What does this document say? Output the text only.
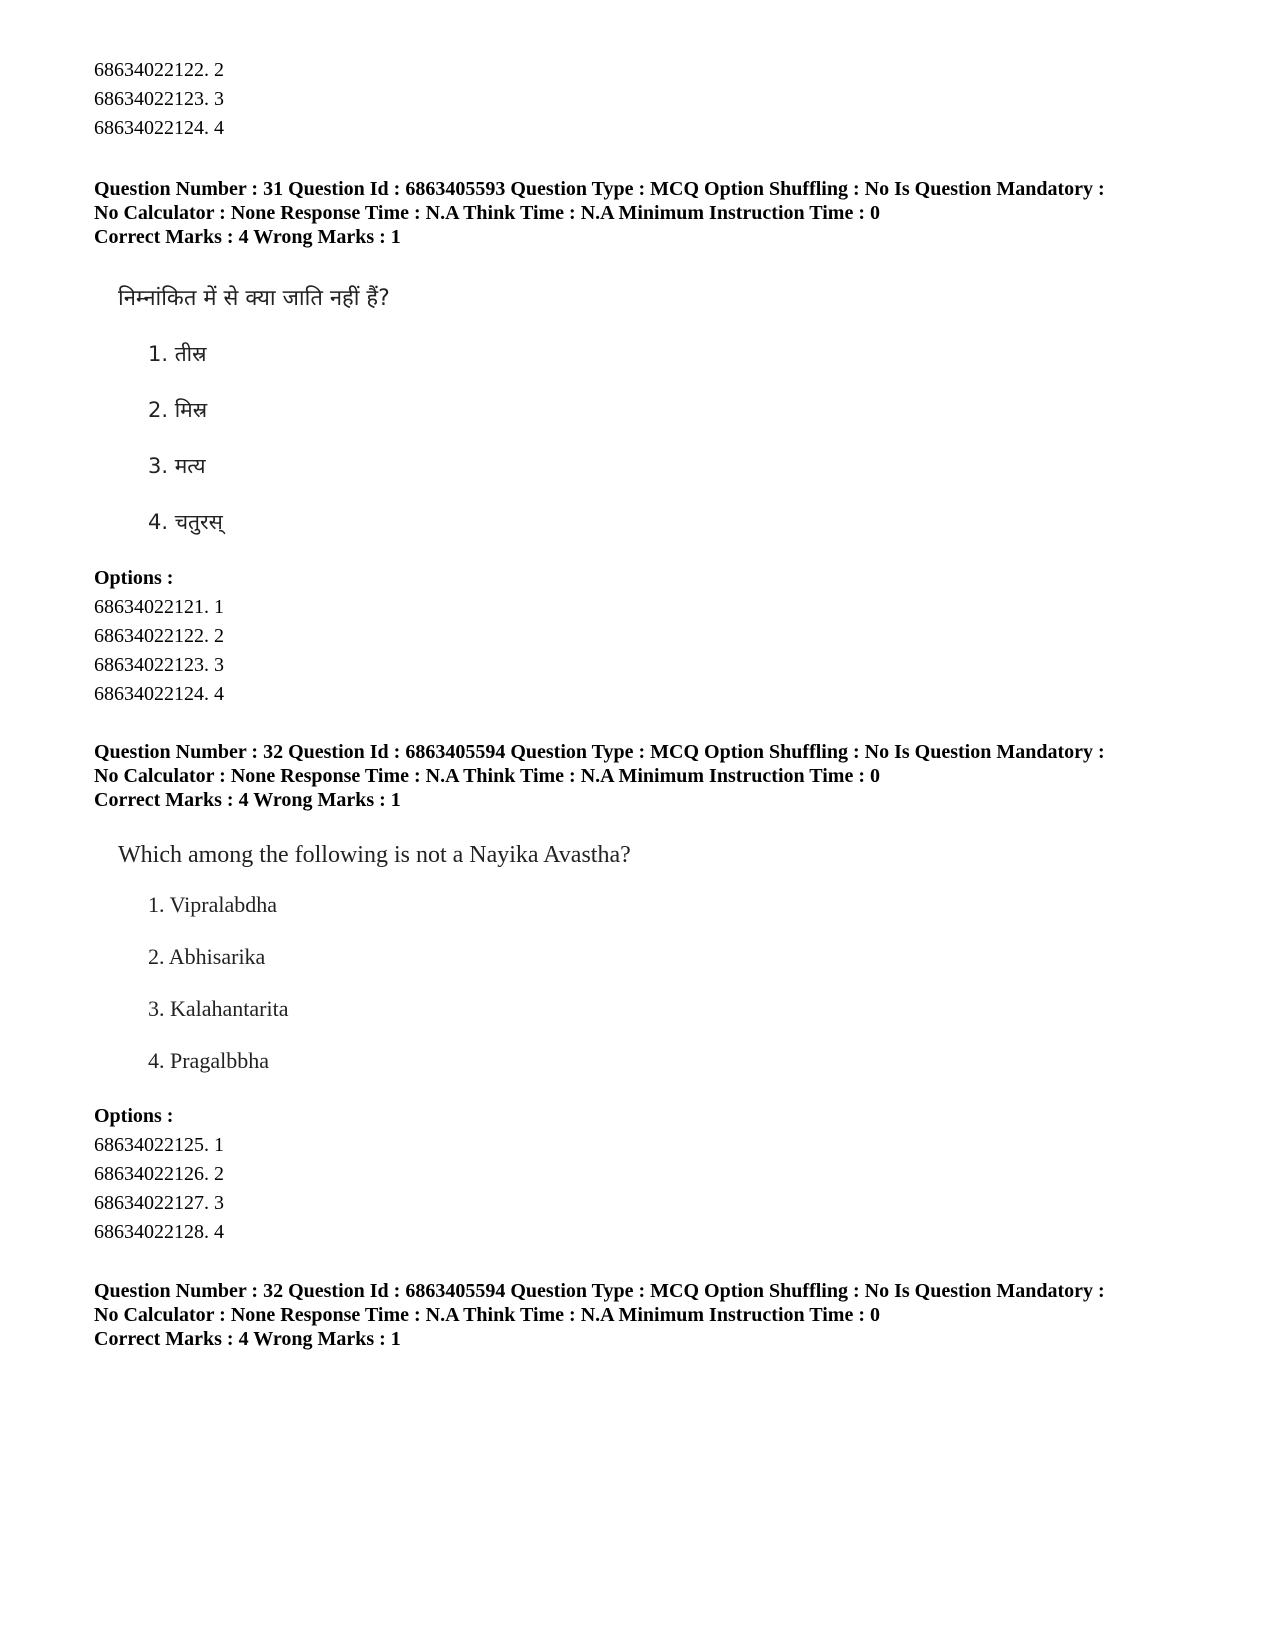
68634022122. 2

68634022123. 3

68634022124. 4

Question Number : 31 Question Id : 6863405593 Question Type : MCQ Option Shuffling : No Is Question Mandatory :

No Calculator : None Response Time : N.A Think Time : N.A Minimum Instruction Time : 0

Correct Marks : 4 Wrong Marks : 1

निम्नांकित में से क्या जाति नहीं हैं?

1. तीस्र

2. मिस्र

3. मत्य

4. चतुरस्

Options :

68634022121. 1

68634022122. 2

68634022123. 3

68634022124. 4

Question Number : 32 Question Id : 6863405594 Question Type : MCQ Option Shuffling : No Is Question Mandatory :

No Calculator : None Response Time : N.A Think Time : N.A Minimum Instruction Time : 0

Correct Marks : 4 Wrong Marks : 1

Which among the following is not a Nayika Avastha?

1. Vipralabdha

2. Abhisarika

3. Kalahantarita

4. Pragalbbha

Options :

68634022125. 1

68634022126. 2

68634022127. 3

68634022128. 4

Question Number : 32 Question Id : 6863405594 Question Type : MCQ Option Shuffling : No Is Question Mandatory :

No Calculator : None Response Time : N.A Think Time : N.A Minimum Instruction Time : 0

Correct Marks : 4 Wrong Marks : 1
